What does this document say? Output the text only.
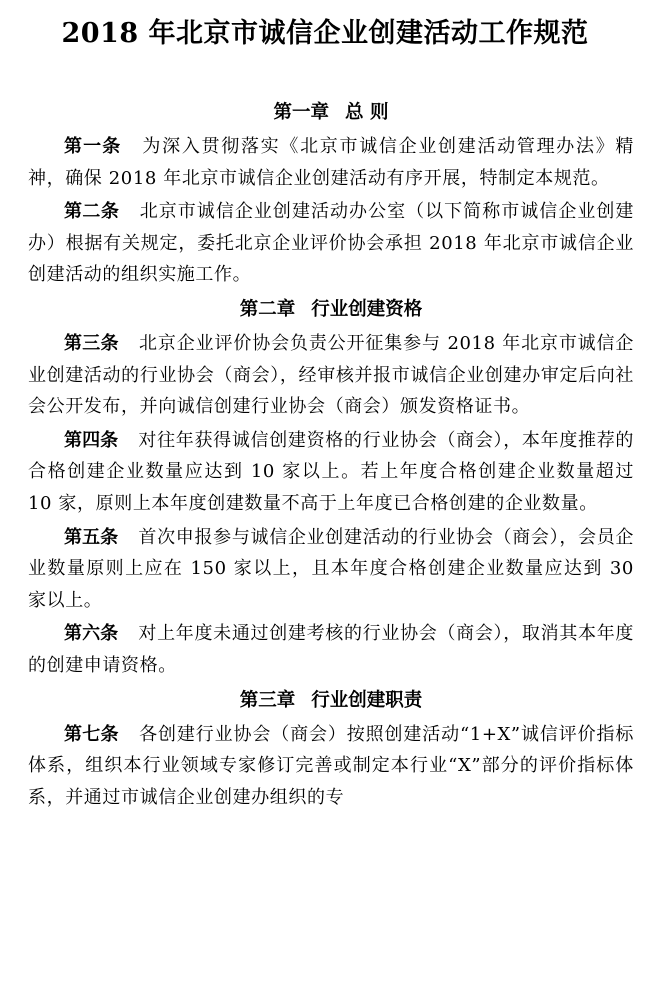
2018 年北京市诚信企业创建活动工作规范
第一章 总 则

第一条 为深入贯彻落实《北京市诚信企业创建活动管理办法》精神，确保 2018 年北京市诚信企业创建活动有序开展，特制定本规范。

第二条 北京市诚信企业创建活动办公室（以下简称市诚信企业创建办）根据有关规定，委托北京企业评价协会承担 2018 年北京市诚信企业创建活动的组织实施工作。

第二章 行业创建资格

第三条 北京企业评价协会负责公开征集参与 2018 年北京市诚信企业创建活动的行业协会（商会），经审核并报市诚信企业创建办审定后向社会公开发布，并向诚信创建行业协会（商会）颁发资格证书。

第四条 对往年获得诚信创建资格的行业协会（商会），本年度推荐的合格创建企业数量应达到 10 家以上。若上年度合格创建企业数量超过 10 家，原则上本年度创建数量不高于上年度已合格创建的企业数量。

第五条 首次申报参与诚信企业创建活动的行业协会（商会），会员企业数量原则上应在 150 家以上，且本年度合格创建企业数量应达到 30 家以上。

第六条 对上年度未通过创建考核的行业协会（商会），取消其本年度的创建申请资格。

第三章 行业创建职责

第七条 各创建行业协会（商会）按照创建活动“1+X”诚信评价指标体系，组织本行业领域专家修订完善或制定本行业“X”部分的评价指标体系，并通过市诚信企业创建办组织的专
